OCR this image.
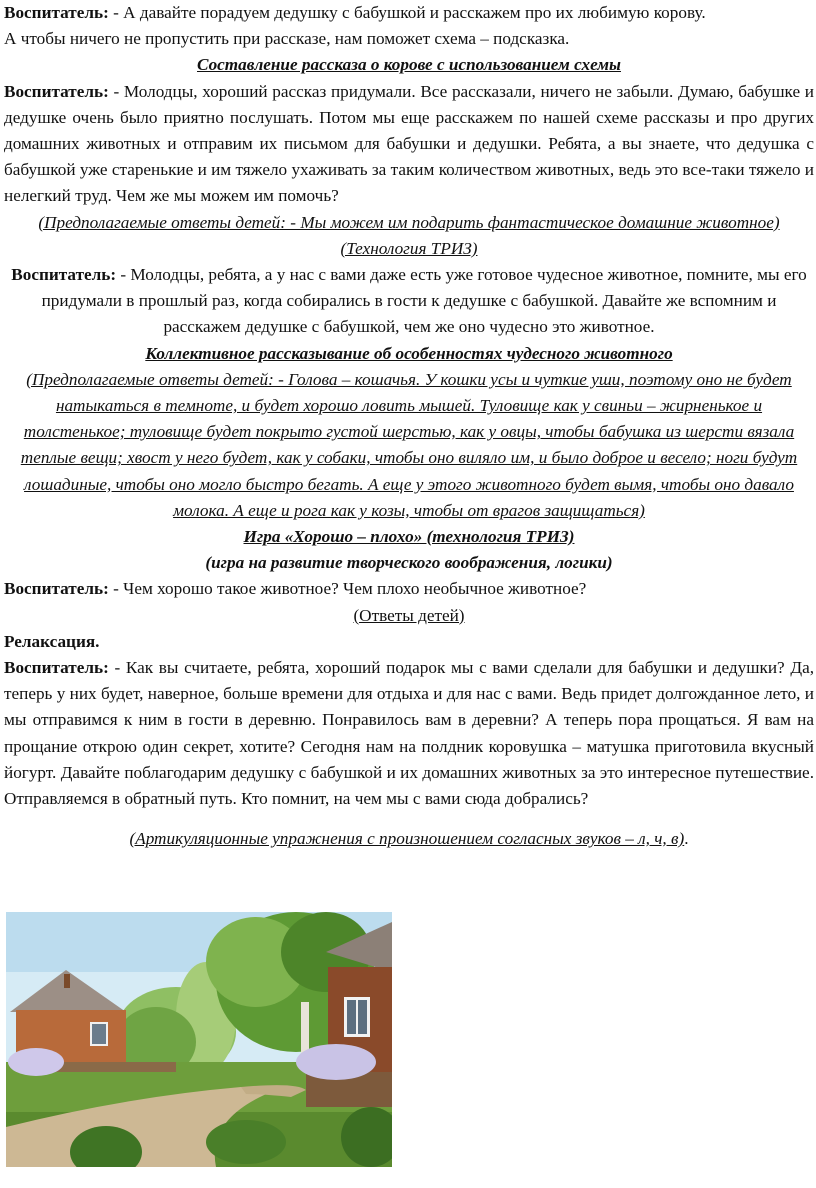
Воспитатель: - А давайте порадуем дедушку с бабушкой и расскажем про их любимую корову.

А чтобы ничего не пропустить при рассказе, нам поможет схема – подсказка.

Составление рассказа о корове с использованием схемы

Воспитатель: - Молодцы, хороший рассказ придумали. Все рассказали, ничего не забыли. Думаю, бабушке и дедушке очень было приятно послушать. Потом мы еще расскажем по нашей схеме рассказы и про других домашних животных и отправим их письмом для бабушки и дедушки. Ребята, а вы знаете, что дедушка с бабушкой уже старенькие и им тяжело ухаживать за таким количеством животных, ведь это все-таки тяжело и нелегкий труд. Чем же мы можем им помочь?

(Предполагаемые ответы детей: - Мы можем им подарить фантастическое домашние животное) (Технология ТРИЗ)

Воспитатель: - Молодцы, ребята, а у нас с вами даже есть уже готовое чудесное животное, помните, мы его придумали в прошлый раз, когда собирались в гости к дедушке с бабушкой. Давайте же вспомним и расскажем дедушке с бабушкой, чем же оно чудесно это животное.

Коллективное рассказывание об особенностях чудесного животного

(Предполагаемые ответы детей: - Голова – кошачья. У кошки усы и чуткие уши, поэтому оно не будет натыкаться в темноте, и будет хорошо ловить мышей. Туловище как у свиньи – жирненькое и толстенькое; туловище будет покрыто густой шерстью, как у овцы, чтобы бабушка из шерсти вязала теплые вещи; хвост у него будет, как у собаки, чтобы оно виляло им, и было доброе и весело; ноги будут лошадиные, чтобы оно могло быстро бегать. А еще у этого животного будет вымя, чтобы оно давало молока. А еще и рога как у козы, чтобы от врагов защищаться)

Игра «Хорошо – плохо» (технология ТРИЗ)

(игра на развитие творческого воображения, логики)

Воспитатель: - Чем хорошо такое животное? Чем плохо необычное животное?

(Ответы детей)

Релаксация.

Воспитатель: - Как вы считаете, ребята, хороший подарок мы с вами сделали для бабушки и дедушки? Да, теперь у них будет, наверное, больше времени для отдыха и для нас с вами. Ведь придет долгожданное лето, и мы отправимся к ним в гости в деревню. Понравилось вам в деревни? А теперь пора прощаться. Я вам на прощание открою один секрет, хотите? Сегодня нам на полдник коровушка – матушка приготовила вкусный йогурт. Давайте поблагодарим дедушку с бабушкой и их домашних животных за это интересное путешествие. Отправляемся в обратный путь. Кто помнит, на чем мы с вами сюда добрались?

(Артикуляционные упражнения с произношением согласных звуков – л, ч, в).
